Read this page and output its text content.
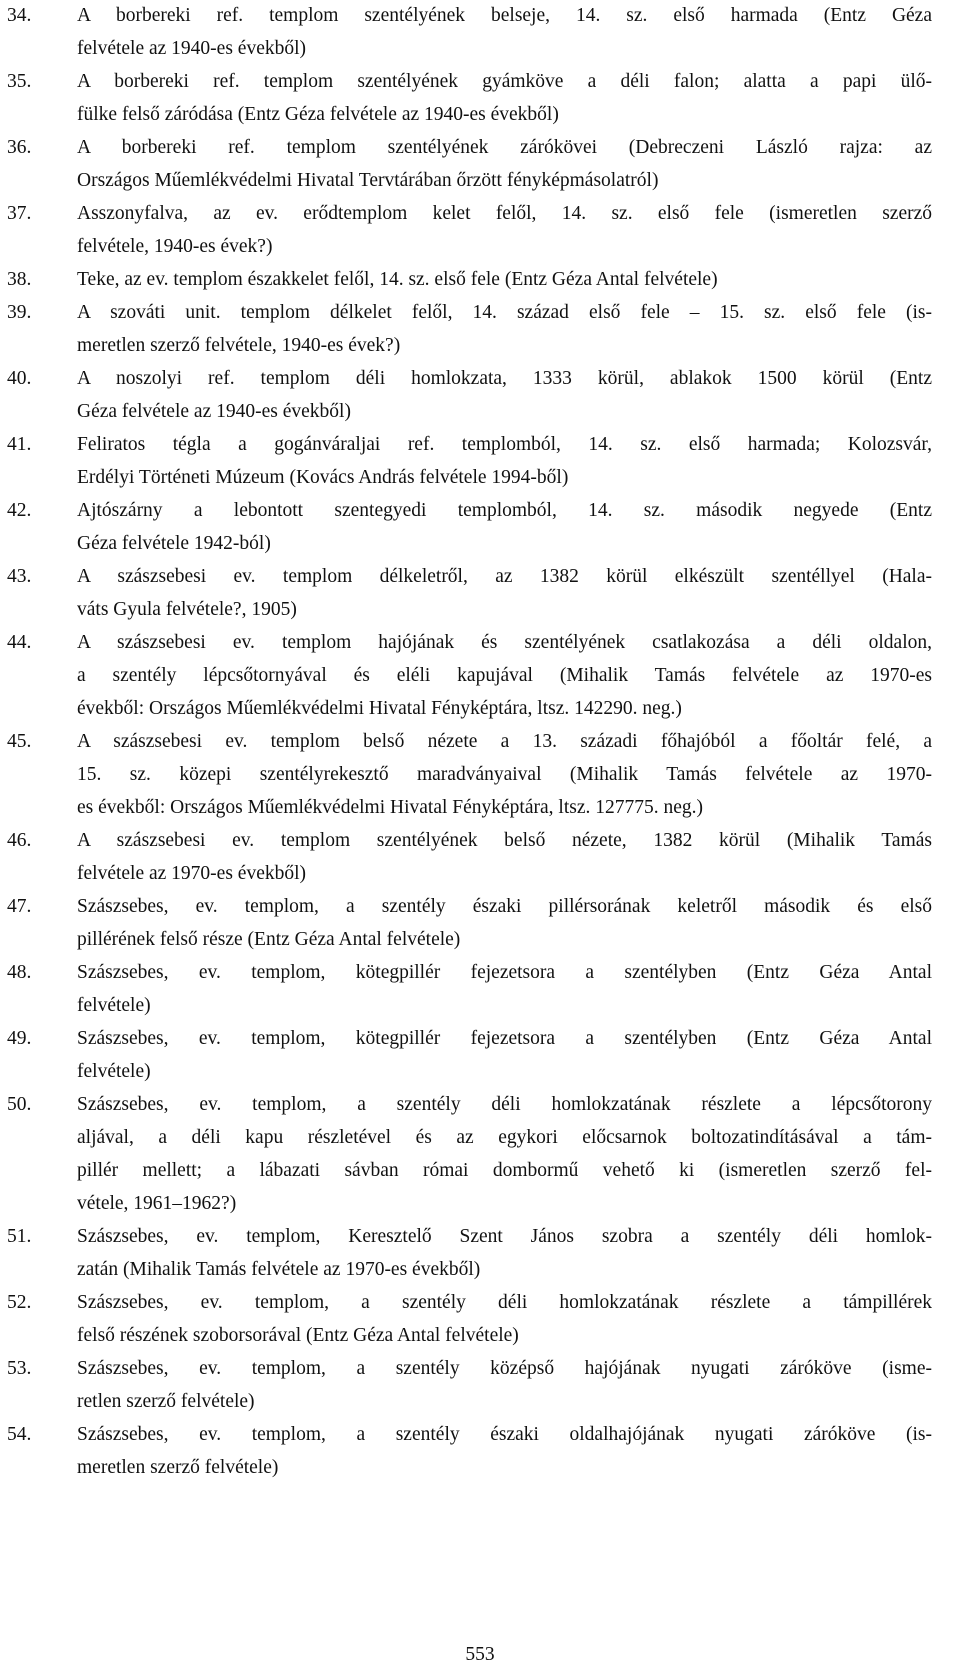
34.	A borbereki ref. templom szentélyének belseje, 14. sz. első harmada (Entz Géza
felvétele az 1940-es évekből)
35.	A borbereki ref. templom szentélyének gyámköve a déli falon; alatta a papi ülő-
fülke felső záródása (Entz Géza felvétele az 1940-es évekből)
36.	A borbereki ref. templom szentélyének zárókövei (Debreczeni László rajza: az
Országos Műemlékvédelmi Hivatal Tervtárában őrzött fényképmásolatról)
37.	Asszonyfalva, az ev. erődtemplom kelet felől, 14. sz. első fele (ismeretlen szerző
felvétele, 1940-es évek?)
38.	Teke, az ev. templom északkelet felől, 14. sz. első fele (Entz Géza Antal felvétele)
39.	A szováti unit. templom délkelet felől, 14. század első fele – 15. sz. első fele (is-
meretlen szerző felvétele, 1940-es évek?)
40.	A noszolyi ref. templom déli homlokzata, 1333 körül, ablakok 1500 körül (Entz
Géza felvétele az 1940-es évekből)
41.	Feliratos tégla a gogánváraljai ref. templomból, 14. sz. első harmada; Kolozsvár,
Erdélyi Történeti Múzeum (Kovács András felvétele 1994-ből)
42.	Ajtószárny a lebontott szentegyedi templomból, 14. sz. második negyede (Entz
Géza felvétele 1942-ból)
43.	A szászsebesi ev. templom délkeletről, az 1382 körül elkészült szentéllyel (Hala-
váts Gyula felvétele?, 1905)
44.	A szászsebesi ev. templom hajójának és szentélyének csatlakozása a déli oldalon,
a szentély lépcsőtornyával és eléli kapujával (Mihalik Tamás felvétele az 1970-es
évekből: Országos Műemlékvédelmi Hivatal Fényképtára, ltsz. 142290. neg.)
45.	A szászsebesi ev. templom belső nézete a 13. századi főhajóból a főoltár felé, a
15. sz. közepi szentélyrekesztő maradványaival (Mihalik Tamás felvétele az 1970-
es évekből: Országos Műemlékvédelmi Hivatal Fényképtára, ltsz. 127775. neg.)
46.	A szászsebesi ev. templom szentélyének belső nézete, 1382 körül (Mihalik Tamás
felvétele az 1970-es évekből)
47.	Szászsebes, ev. templom, a szentély északi pillérsorának keletről második és első
pillérének felső része (Entz Géza Antal felvétele)
48.	Szászsebes, ev. templom, kötegpillér fejezetsora a szentélyben (Entz Géza Antal
felvétele)
49.	Szászsebes, ev. templom, kötegpillér fejezetsora a szentélyben (Entz Géza Antal
felvétele)
50.	Szászsebes, ev. templom, a szentély déli homlokzatának részlete a lépcsőtorony
aljával, a déli kapu részletével és az egykori előcsarnok boltozatindításával a tám-
pillér mellett; a lábazati sávban római dombormű vehető ki (ismeretlen szerző fel-
vétele, 1961–1962?)
51.	Szászsebes, ev. templom, Keresztelő Szent János szobra a szentély déli homlok-
zatán (Mihalik Tamás felvétele az 1970-es évekből)
52.	Szászsebes, ev. templom, a szentély déli homlokzatának részlete a támpillérek
felső részének szoborsorával (Entz Géza Antal felvétele)
53.	Szászsebes, ev. templom, a szentély középső hajójának nyugati záróköve (isme-
retlen szerző felvétele)
54.	Szászsebes, ev. templom, a szentély északi oldalhajójának nyugati záróköve (is-
meretlen szerző felvétele)
553
